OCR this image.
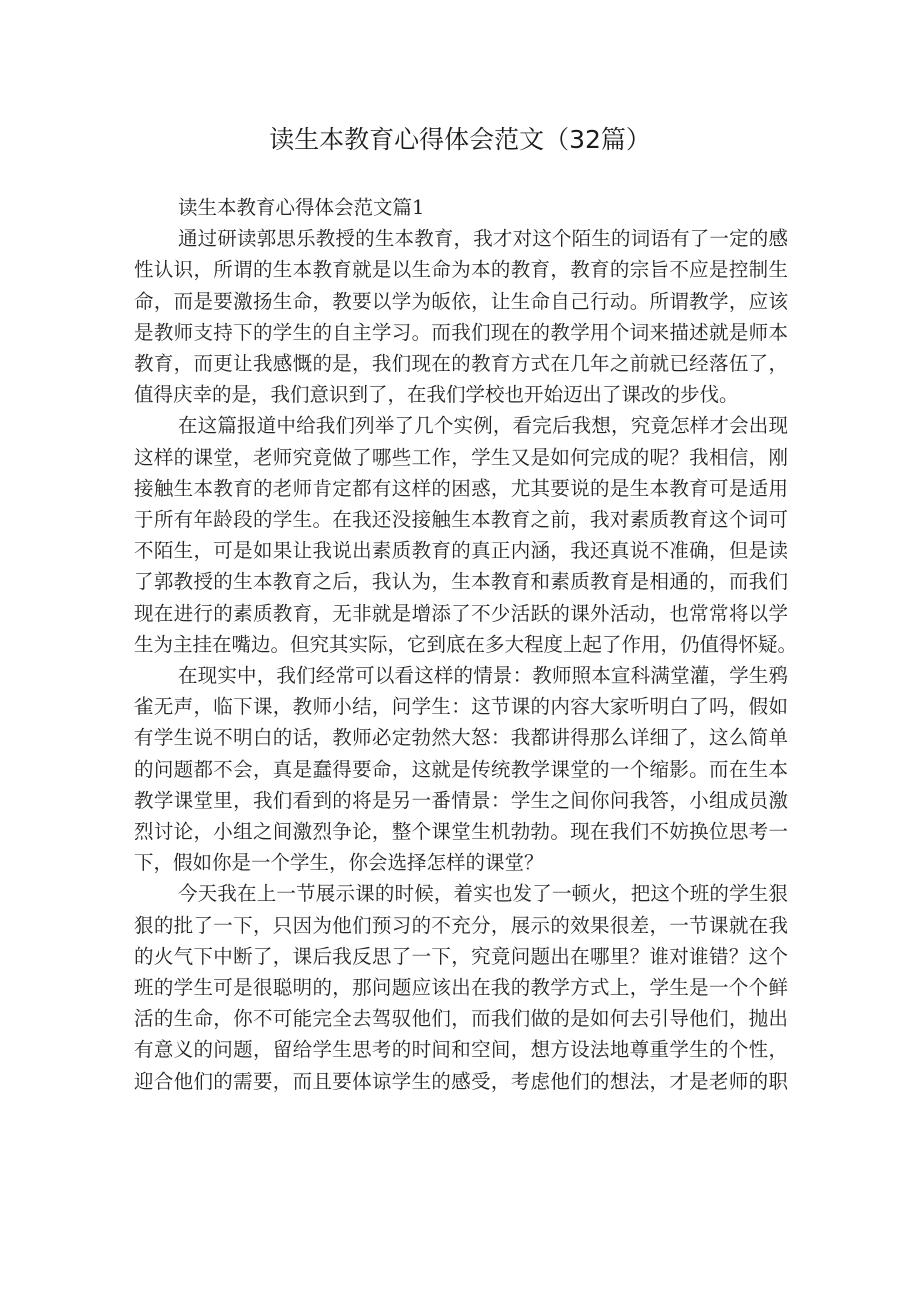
读生本教育心得体会范文（32篇）
读生本教育心得体会范文篇1
通过研读郭思乐教授的生本教育，我才对这个陌生的词语有了一定的感
性认识，所谓的生本教育就是以生命为本的教育，教育的宗旨不应是控制生
命，而是要激扬生命，教要以学为皈依，让生命自己行动。所谓教学，应该
是教师支持下的学生的自主学习。而我们现在的教学用个词来描述就是师本
教育，而更让我感慨的是，我们现在的教育方式在几年之前就已经落伍了，
值得庆幸的是，我们意识到了，在我们学校也开始迈出了课改的步伐。
在这篇报道中给我们列举了几个实例，看完后我想，究竟怎样才会出现
这样的课堂，老师究竟做了哪些工作，学生又是如何完成的呢？我相信，刚
接触生本教育的老师肯定都有这样的困惑，尤其要说的是生本教育可是适用
于所有年龄段的学生。在我还没接触生本教育之前，我对素质教育这个词可
不陌生，可是如果让我说出素质教育的真正内涵，我还真说不准确，但是读
了郭教授的生本教育之后，我认为，生本教育和素质教育是相通的，而我们
现在进行的素质教育，无非就是增添了不少活跃的课外活动，也常常将以学
生为主挂在嘴边。但究其实际，它到底在多大程度上起了作用，仍值得怀疑。
在现实中，我们经常可以看这样的情景：教师照本宣科满堂灌，学生鸦
雀无声，临下课，教师小结，问学生：这节课的内容大家听明白了吗，假如
有学生说不明白的话，教师必定勃然大怒：我都讲得那么详细了，这么简单
的问题都不会，真是蠢得要命，这就是传统教学课堂的一个缩影。而在生本
教学课堂里，我们看到的将是另一番情景：学生之间你问我答，小组成员激
烈讨论，小组之间激烈争论，整个课堂生机勃勃。现在我们不妨换位思考一
下，假如你是一个学生，你会选择怎样的课堂？
今天我在上一节展示课的时候，着实也发了一顿火，把这个班的学生狠
狠的批了一下，只因为他们预习的不充分，展示的效果很差，一节课就在我
的火气下中断了，课后我反思了一下，究竟问题出在哪里？谁对谁错？这个
班的学生可是很聪明的，那问题应该出在我的教学方式上，学生是一个个鲜
活的生命，你不可能完全去驾驭他们，而我们做的是如何去引导他们，抛出
有意义的问题，留给学生思考的时间和空间，想方设法地尊重学生的个性，
迎合他们的需要，而且要体谅学生的感受，考虑他们的想法，才是老师的职
